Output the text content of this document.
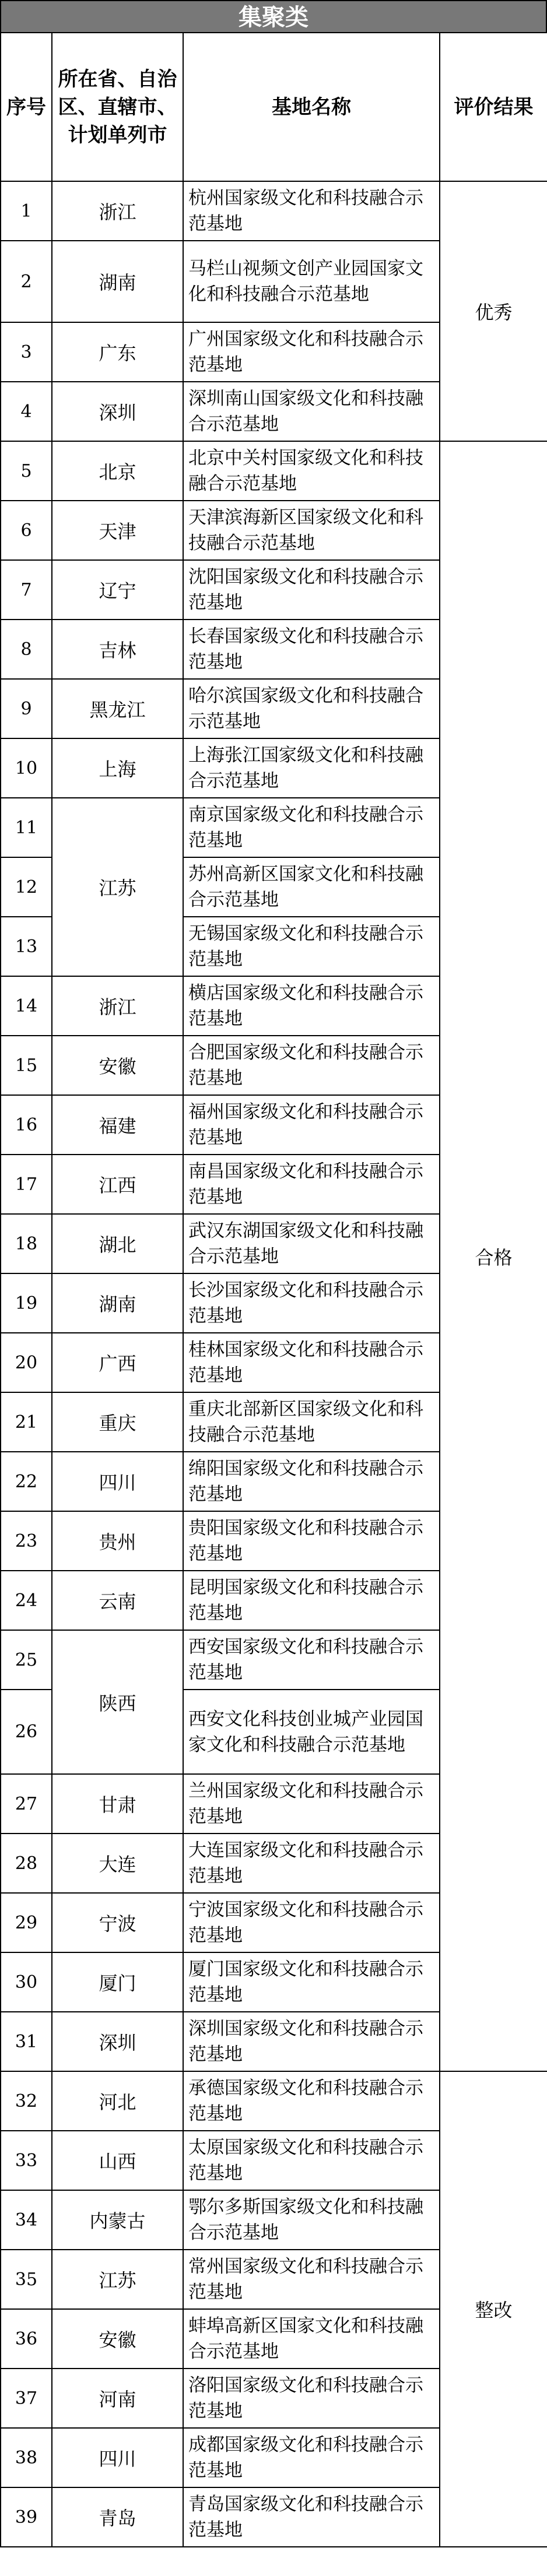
集聚类
序号	所在省、自治区、直辖市、计划单列市	基地名称	评价结果
1	浙江	杭州国家级文化和科技融合示范基地	优秀
2	湖南	马栏山视频文创产业园国家文化和科技融合示范基地	
3	广东	广州国家级文化和科技融合示范基地	
4	深圳	深圳南山国家级文化和科技融合示范基地	
5	北京	北京中关村国家级文化和科技融合示范基地	合格
6	天津	天津滨海新区国家级文化和科技融合示范基地	
7	辽宁	沈阳国家级文化和科技融合示范基地	
8	吉林	长春国家级文化和科技融合示范基地	
9	黑龙江	哈尔滨国家级文化和科技融合示范基地	
10	上海	上海张江国家级文化和科技融合示范基地	
11	江苏	南京国家级文化和科技融合示范基地	
12		苏州高新区国家文化和科技融合示范基地	
13		无锡国家级文化和科技融合示范基地	
14	浙江	横店国家级文化和科技融合示范基地	
15	安徽	合肥国家级文化和科技融合示范基地	
16	福建	福州国家级文化和科技融合示范基地	
17	江西	南昌国家级文化和科技融合示范基地	
18	湖北	武汉东湖国家级文化和科技融合示范基地	
19	湖南	长沙国家级文化和科技融合示范基地	
20	广西	桂林国家级文化和科技融合示范基地	
21	重庆	重庆北部新区国家级文化和科技融合示范基地	
22	四川	绵阳国家级文化和科技融合示范基地	
23	贵州	贵阳国家级文化和科技融合示范基地	
24	云南	昆明国家级文化和科技融合示范基地	
25	陕西	西安国家级文化和科技融合示范基地	
26		西安文化科技创业城产业园国家文化和科技融合示范基地	
27	甘肃	兰州国家级文化和科技融合示范基地	
28	大连	大连国家级文化和科技融合示范基地	
29	宁波	宁波国家级文化和科技融合示范基地	
30	厦门	厦门国家级文化和科技融合示范基地	
31	深圳	深圳国家级文化和科技融合示范基地	
32	河北	承德国家级文化和科技融合示范基地	整改
33	山西	太原国家级文化和科技融合示范基地	
34	内蒙古	鄂尔多斯国家级文化和科技融合示范基地	
35	江苏	常州国家级文化和科技融合示范基地	
36	安徽	蚌埠高新区国家文化和科技融合示范基地	
37	河南	洛阳国家级文化和科技融合示范基地	
38	四川	成都国家级文化和科技融合示范基地	
39	青岛	青岛国家级文化和科技融合示范基地	
